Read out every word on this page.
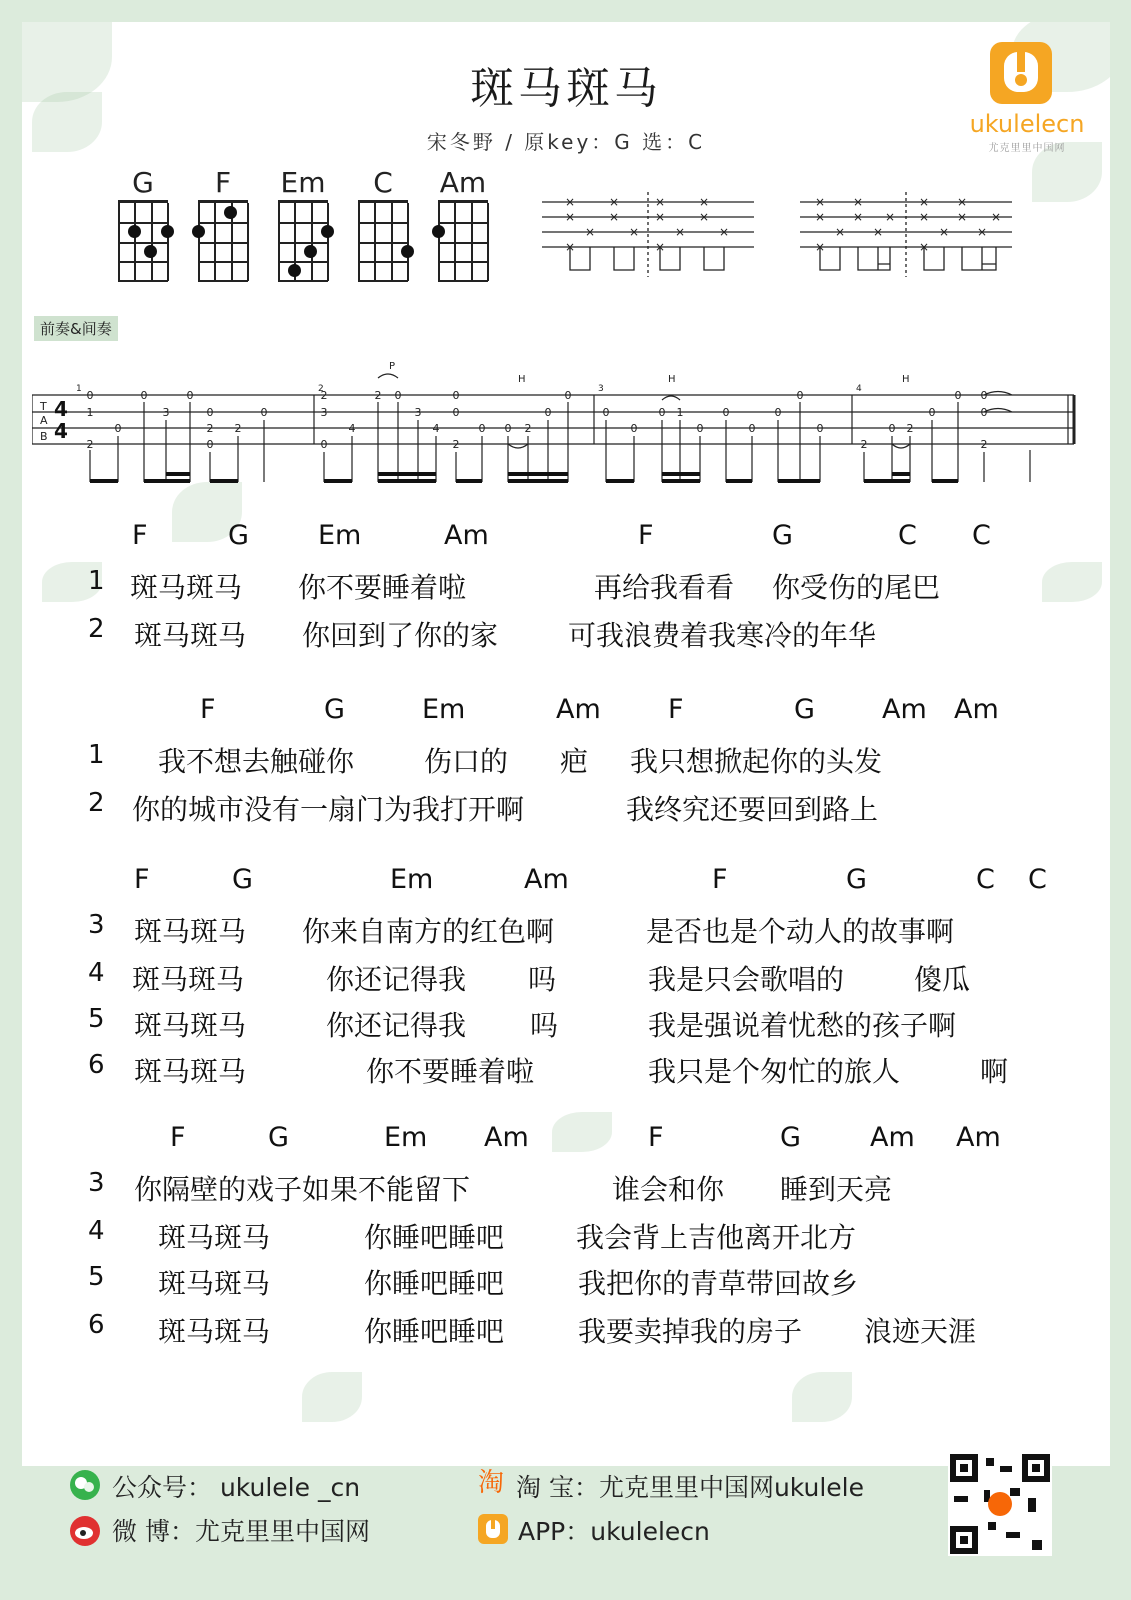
斑马斑马
宋冬野 / 原key：G 选：C
ukulelecn
尤克里里中国网
G	F	Em	C	Am
×
×
×
×
×
×
×
×
×
×
×
×
×
×
×
×
×
×
×
×
×
×
×
×
×
×
×
×
×
×
前奏&间奏
T
A
B
4
4
1	2	3	4
P
H	H	H
0
1
2
0
0
3
0
0
2
0
2
0
2
3
0
4
2 0
3
4
0
0
2
0 0 2
0
0
0
0
0 1
0
0
0
0
0
0
2
0 2
0
0 0
0
2
F	G	Em	Am	F	G	C C
1 斑马斑马 你不要睡着啦	再给我看看 你受伤的尾巴
2 斑马斑马 你回到了你的家 可我浪费着我寒冷的年华
F	G	Em	Am F	G Am Am
1 我不想去触碰你 伤口的 疤 我只想掀起你的头发
2 你的城市没有一扇门为我打开啊	我终究还要回到路上
F	G	Em	Am	F	G	C C
3 斑马斑马 你来自南方的红色啊	是否也是个动人的故事啊
4 斑马斑马	你还记得我 吗	我是只会歌唱的 傻瓜
5 斑马斑马	你还记得我 吗	我是强说着忧愁的孩子啊
6 斑马斑马	你不要睡着啦	我只是个匆忙的旅人	啊
F	G	Em Am	F	G	Am Am
3 你隔壁的戏子如果不能留下	谁会和你 睡到天亮
4 斑马斑马	你睡吧睡吧	我会背上吉他离开北方
5 斑马斑马	你睡吧睡吧	我把你的青草带回故乡
6 斑马斑马	你睡吧睡吧	我要卖掉我的房子 浪迹天涯
公众号： ukulele _cn
微 博：尤克里里中国网
淘 淘 宝：尤克里里中国网ukulele
APP：ukulelecn
